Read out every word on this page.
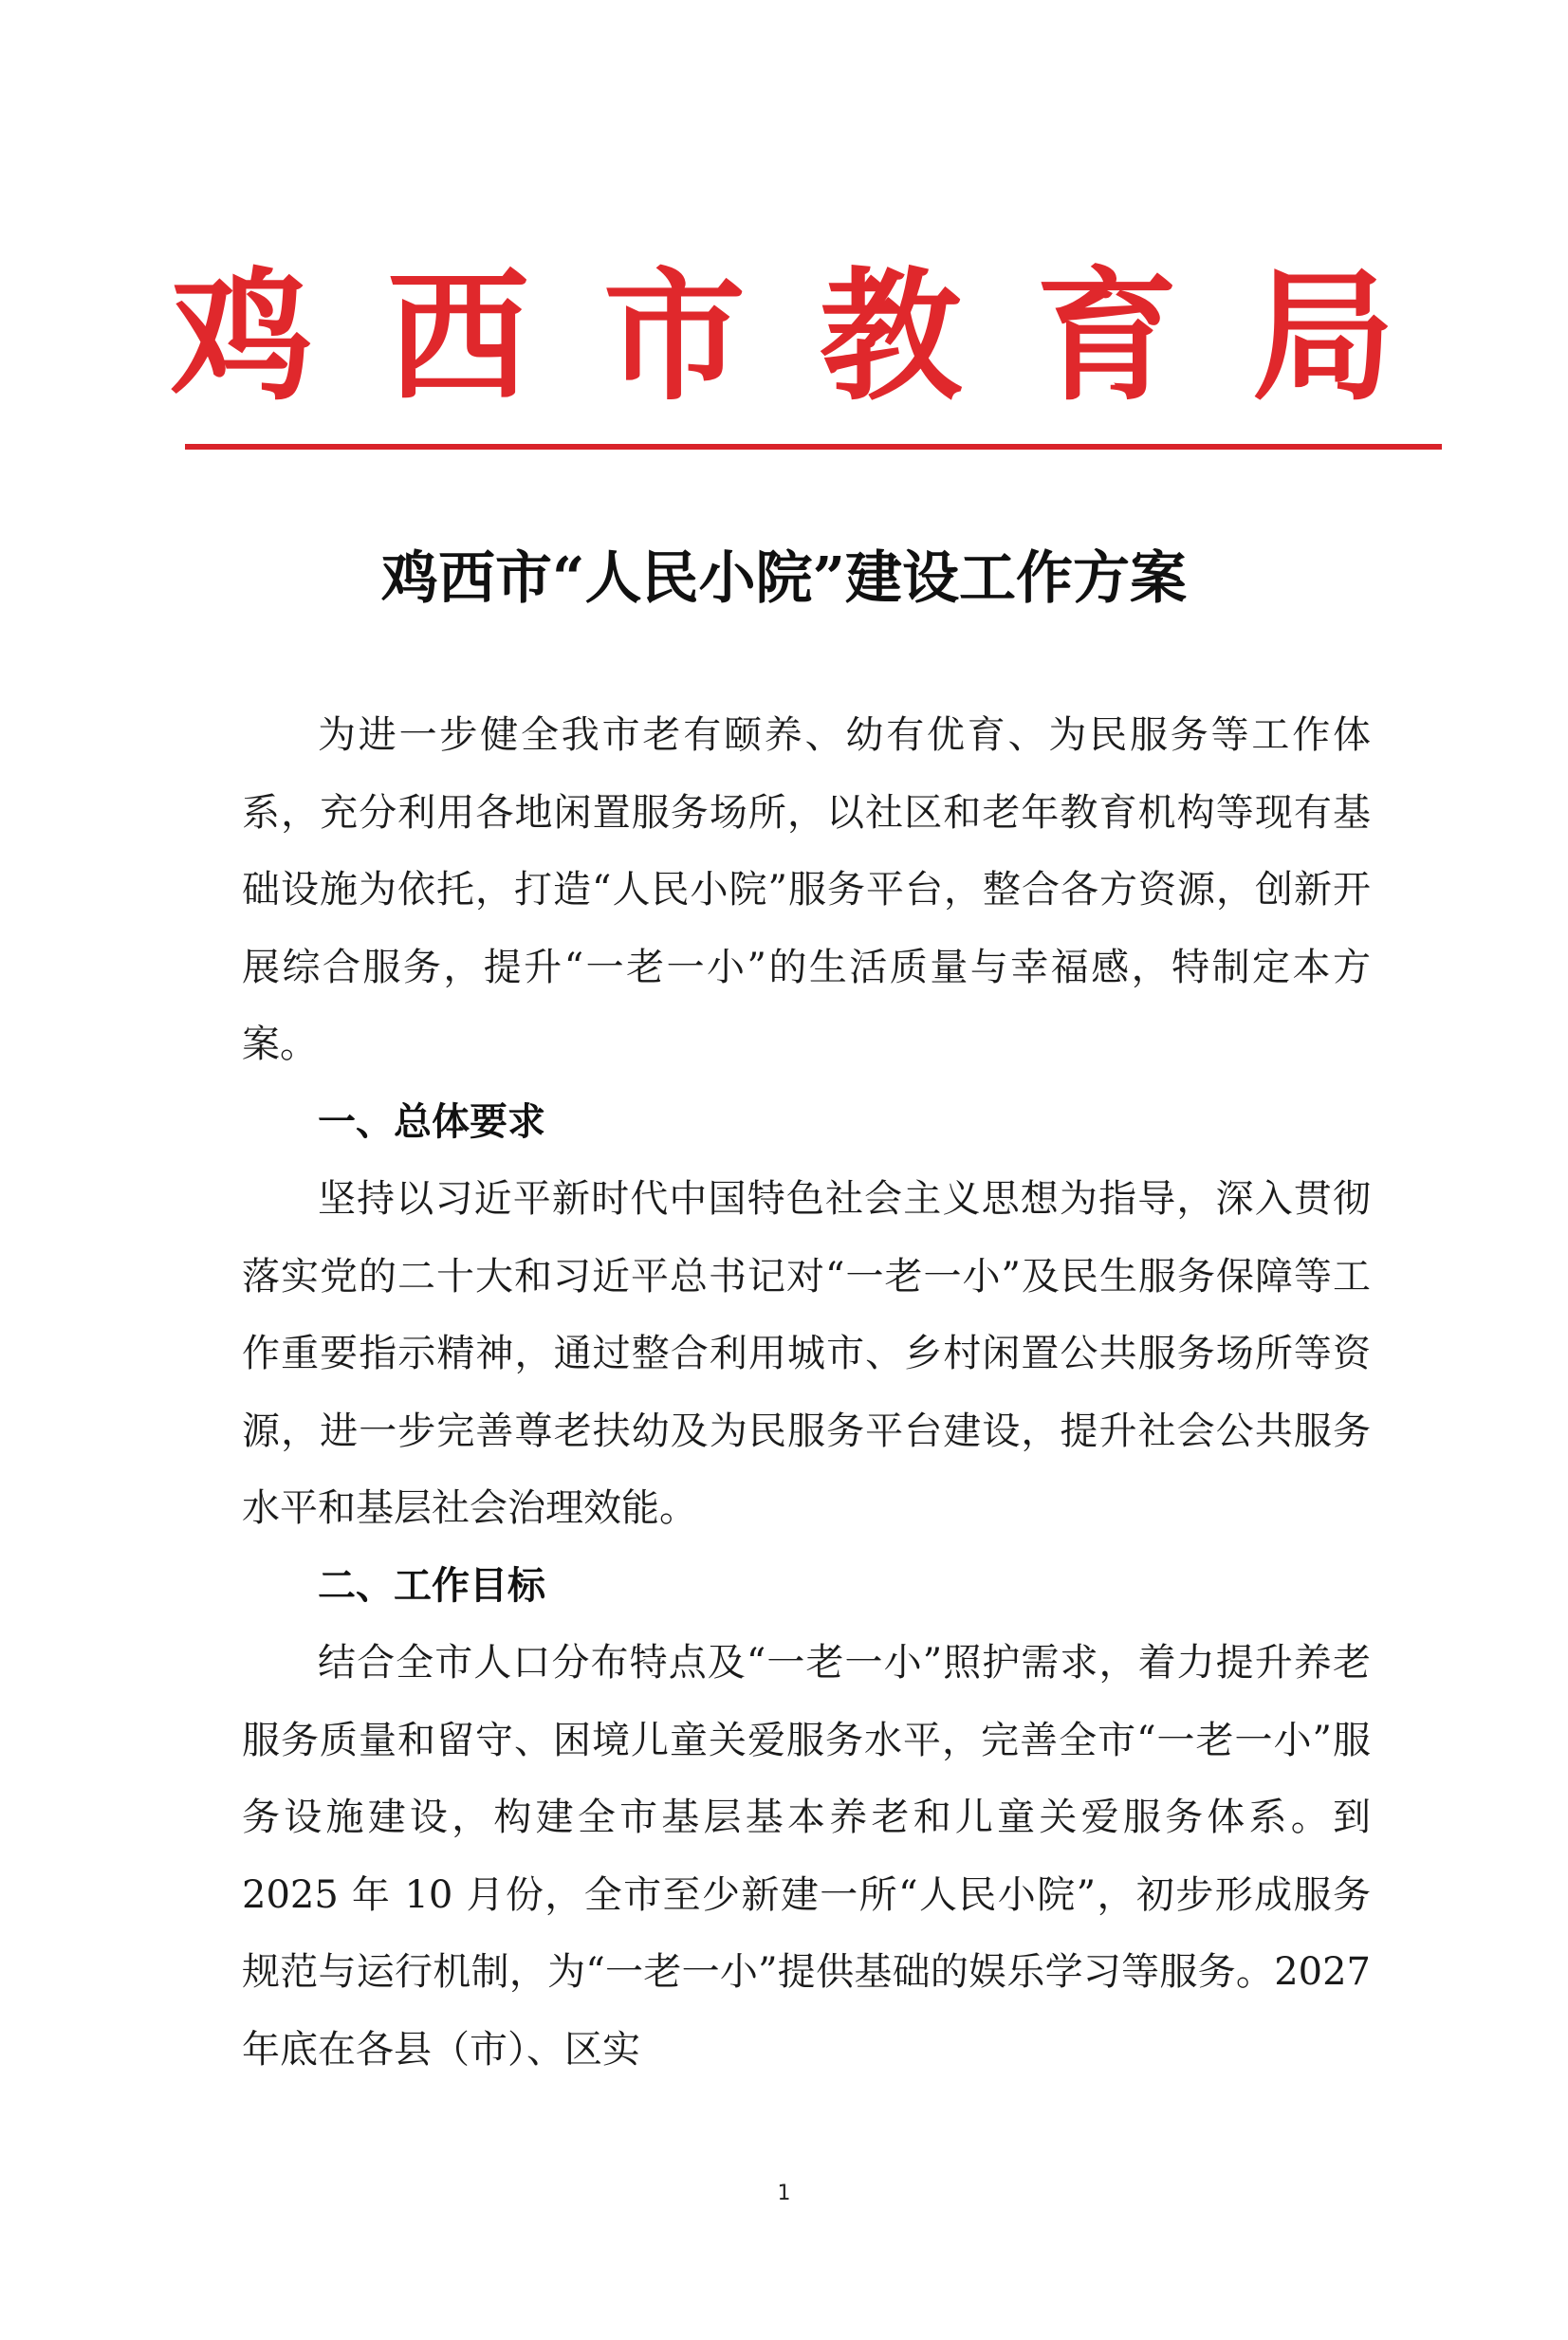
鸡 西 市 教 育 局
鸡西市“人民小院”建设工作方案

为进一步健全我市老有颐养、幼有优育、为民服务等工作体系，充分利用各地闲置服务场所，以社区和老年教育机构等现有基础设施为依托，打造“人民小院”服务平台，整合各方资源，创新开展综合服务，提升“一老一小”的生活质量与幸福感，特制定本方案。

一、总体要求

坚持以习近平新时代中国特色社会主义思想为指导，深入贯彻落实党的二十大和习近平总书记对“一老一小”及民生服务保障等工作重要指示精神，通过整合利用城市、乡村闲置公共服务场所等资源，进一步完善尊老扶幼及为民服务平台建设，提升社会公共服务水平和基层社会治理效能。

二、工作目标

结合全市人口分布特点及“一老一小”照护需求，着力提升养老服务质量和留守、困境儿童关爱服务水平，完善全市“一老一小”服务设施建设，构建全市基层基本养老和儿童关爱服务体系。到 2025 年 10 月份，全市至少新建一所“人民小院”，初步形成服务规范与运行机制，为“一老一小”提供基础的娱乐学习等服务。2027 年底在各县（市）、区实

1
